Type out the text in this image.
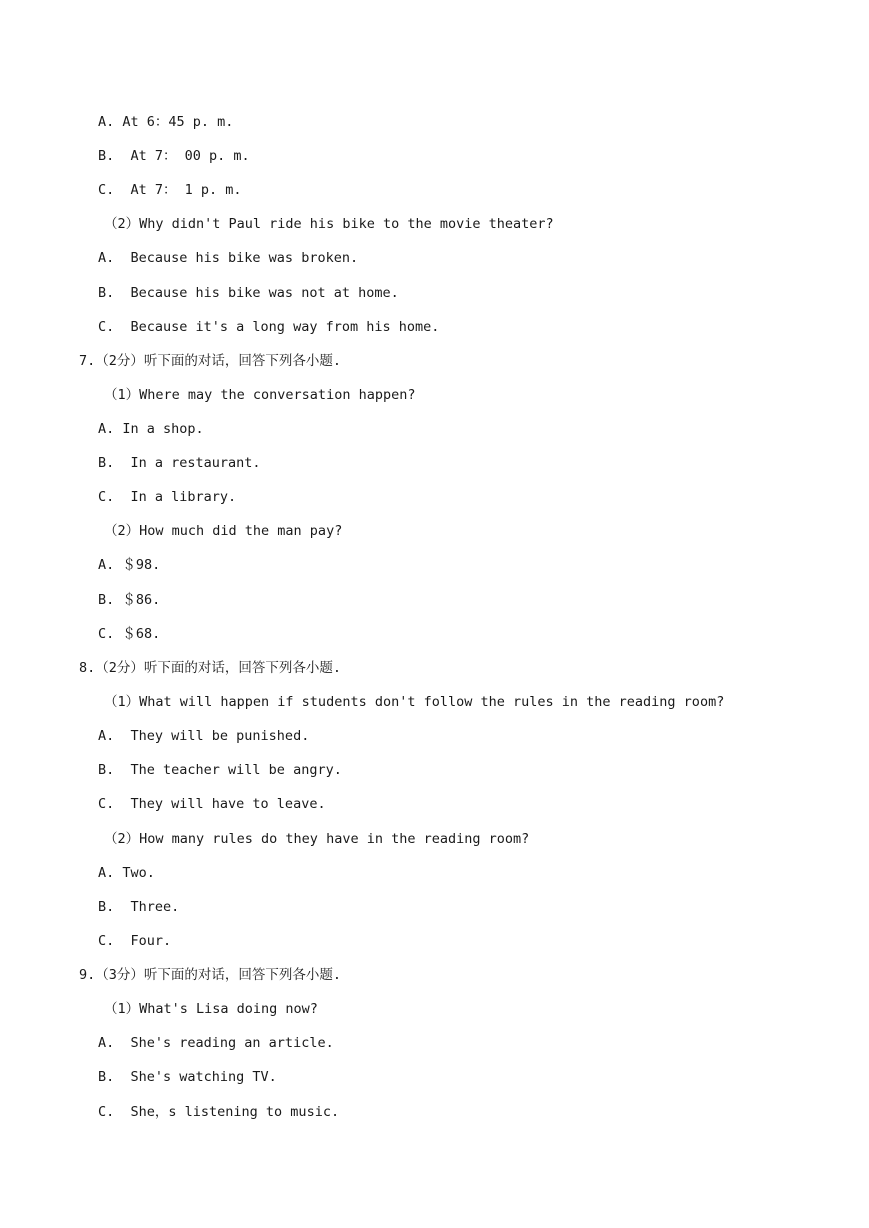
A. At 6：45 p. m.
B.  At 7： 00 p. m.
C.  At 7： 1 p. m.
（2）Why didn't Paul ride his bike to the movie theater?
A.  Because his bike was broken.
B.  Because his bike was not at home.
C.  Because it's a long way from his home.
7.（2分）听下面的对话，回答下列各小题.
（1）Where may the conversation happen?
A. In a shop.
B.  In a restaurant.
C.  In a library.
（2）How much did the man pay?
A. ＄98.
B. ＄86.
C. ＄68.
8.（2分）听下面的对话，回答下列各小题.
（1）What will happen if students don't follow the rules in the reading room?
A.  They will be punished.
B.  The teacher will be angry.
C.  They will have to leave.
（2）How many rules do they have in the reading room?
A. Two.
B.  Three.
C.  Four.
9.（3分）听下面的对话，回答下列各小题.
（1）What's Lisa doing now?
A.  She's reading an article.
B.  She's watching TV.
C.  She，s listening to music.
